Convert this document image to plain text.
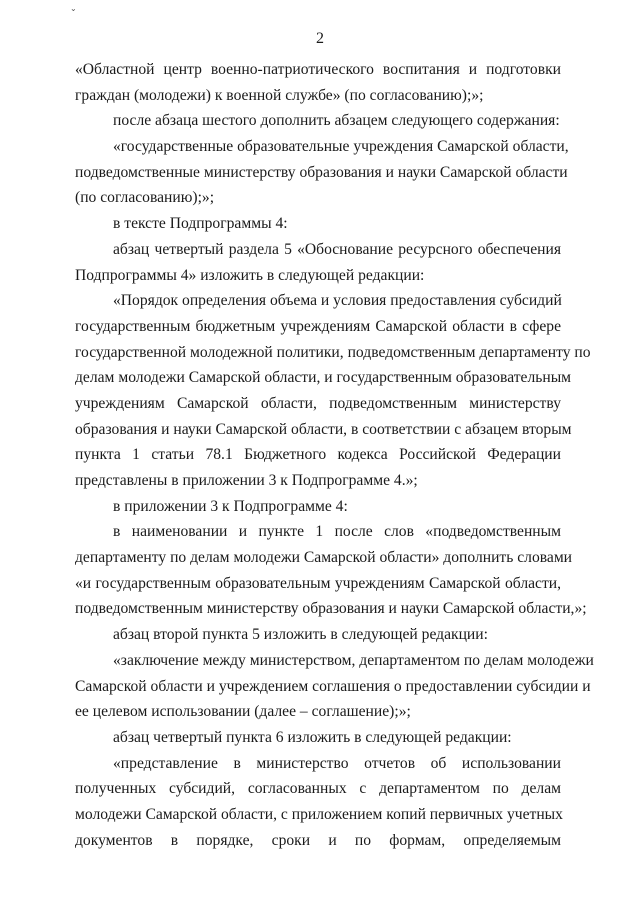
⌄
2
«Областной центр военно-патриотического воспитания и подготовки
граждан (молодежи) к военной службе» (по согласованию);»;
после абзаца шестого дополнить абзацем следующего содержания:
«государственные образовательные учреждения Самарской области,
подведомственные министерству образования и науки Самарской области
(по согласованию);»;
в тексте Подпрограммы 4:
абзац четвертый раздела 5 «Обоснование ресурсного обеспечения
Подпрограммы 4» изложить в следующей редакции:
«Порядок определения объема и условия предоставления субсидий
государственным бюджетным учреждениям Самарской области в сфере
государственной молодежной политики, подведомственным департаменту по
делам молодежи Самарской области, и государственным образовательным
учреждениям Самарской области, подведомственным министерству
образования и науки Самарской области, в соответствии с абзацем вторым
пункта 1 статьи 78.1 Бюджетного кодекса Российской Федерации
представлены в приложении 3 к Подпрограмме 4.»;
в приложении 3 к Подпрограмме 4:
в наименовании и пункте 1 после слов «подведомственным
департаменту по делам молодежи Самарской области» дополнить словами
«и государственным образовательным учреждениям Самарской области,
подведомственным министерству образования и науки Самарской области,»;
абзац второй пункта 5 изложить в следующей редакции:
«заключение между министерством, департаментом по делам молодежи
Самарской области и учреждением соглашения о предоставлении субсидии и
ее целевом использовании (далее – соглашение);»;
абзац четвертый пункта 6 изложить в следующей редакции:
«представление в министерство отчетов об использовании
полученных субсидий, согласованных с департаментом по делам
молодежи Самарской области, с приложением копий первичных учетных
документов в порядке, сроки и по формам, определяемым
